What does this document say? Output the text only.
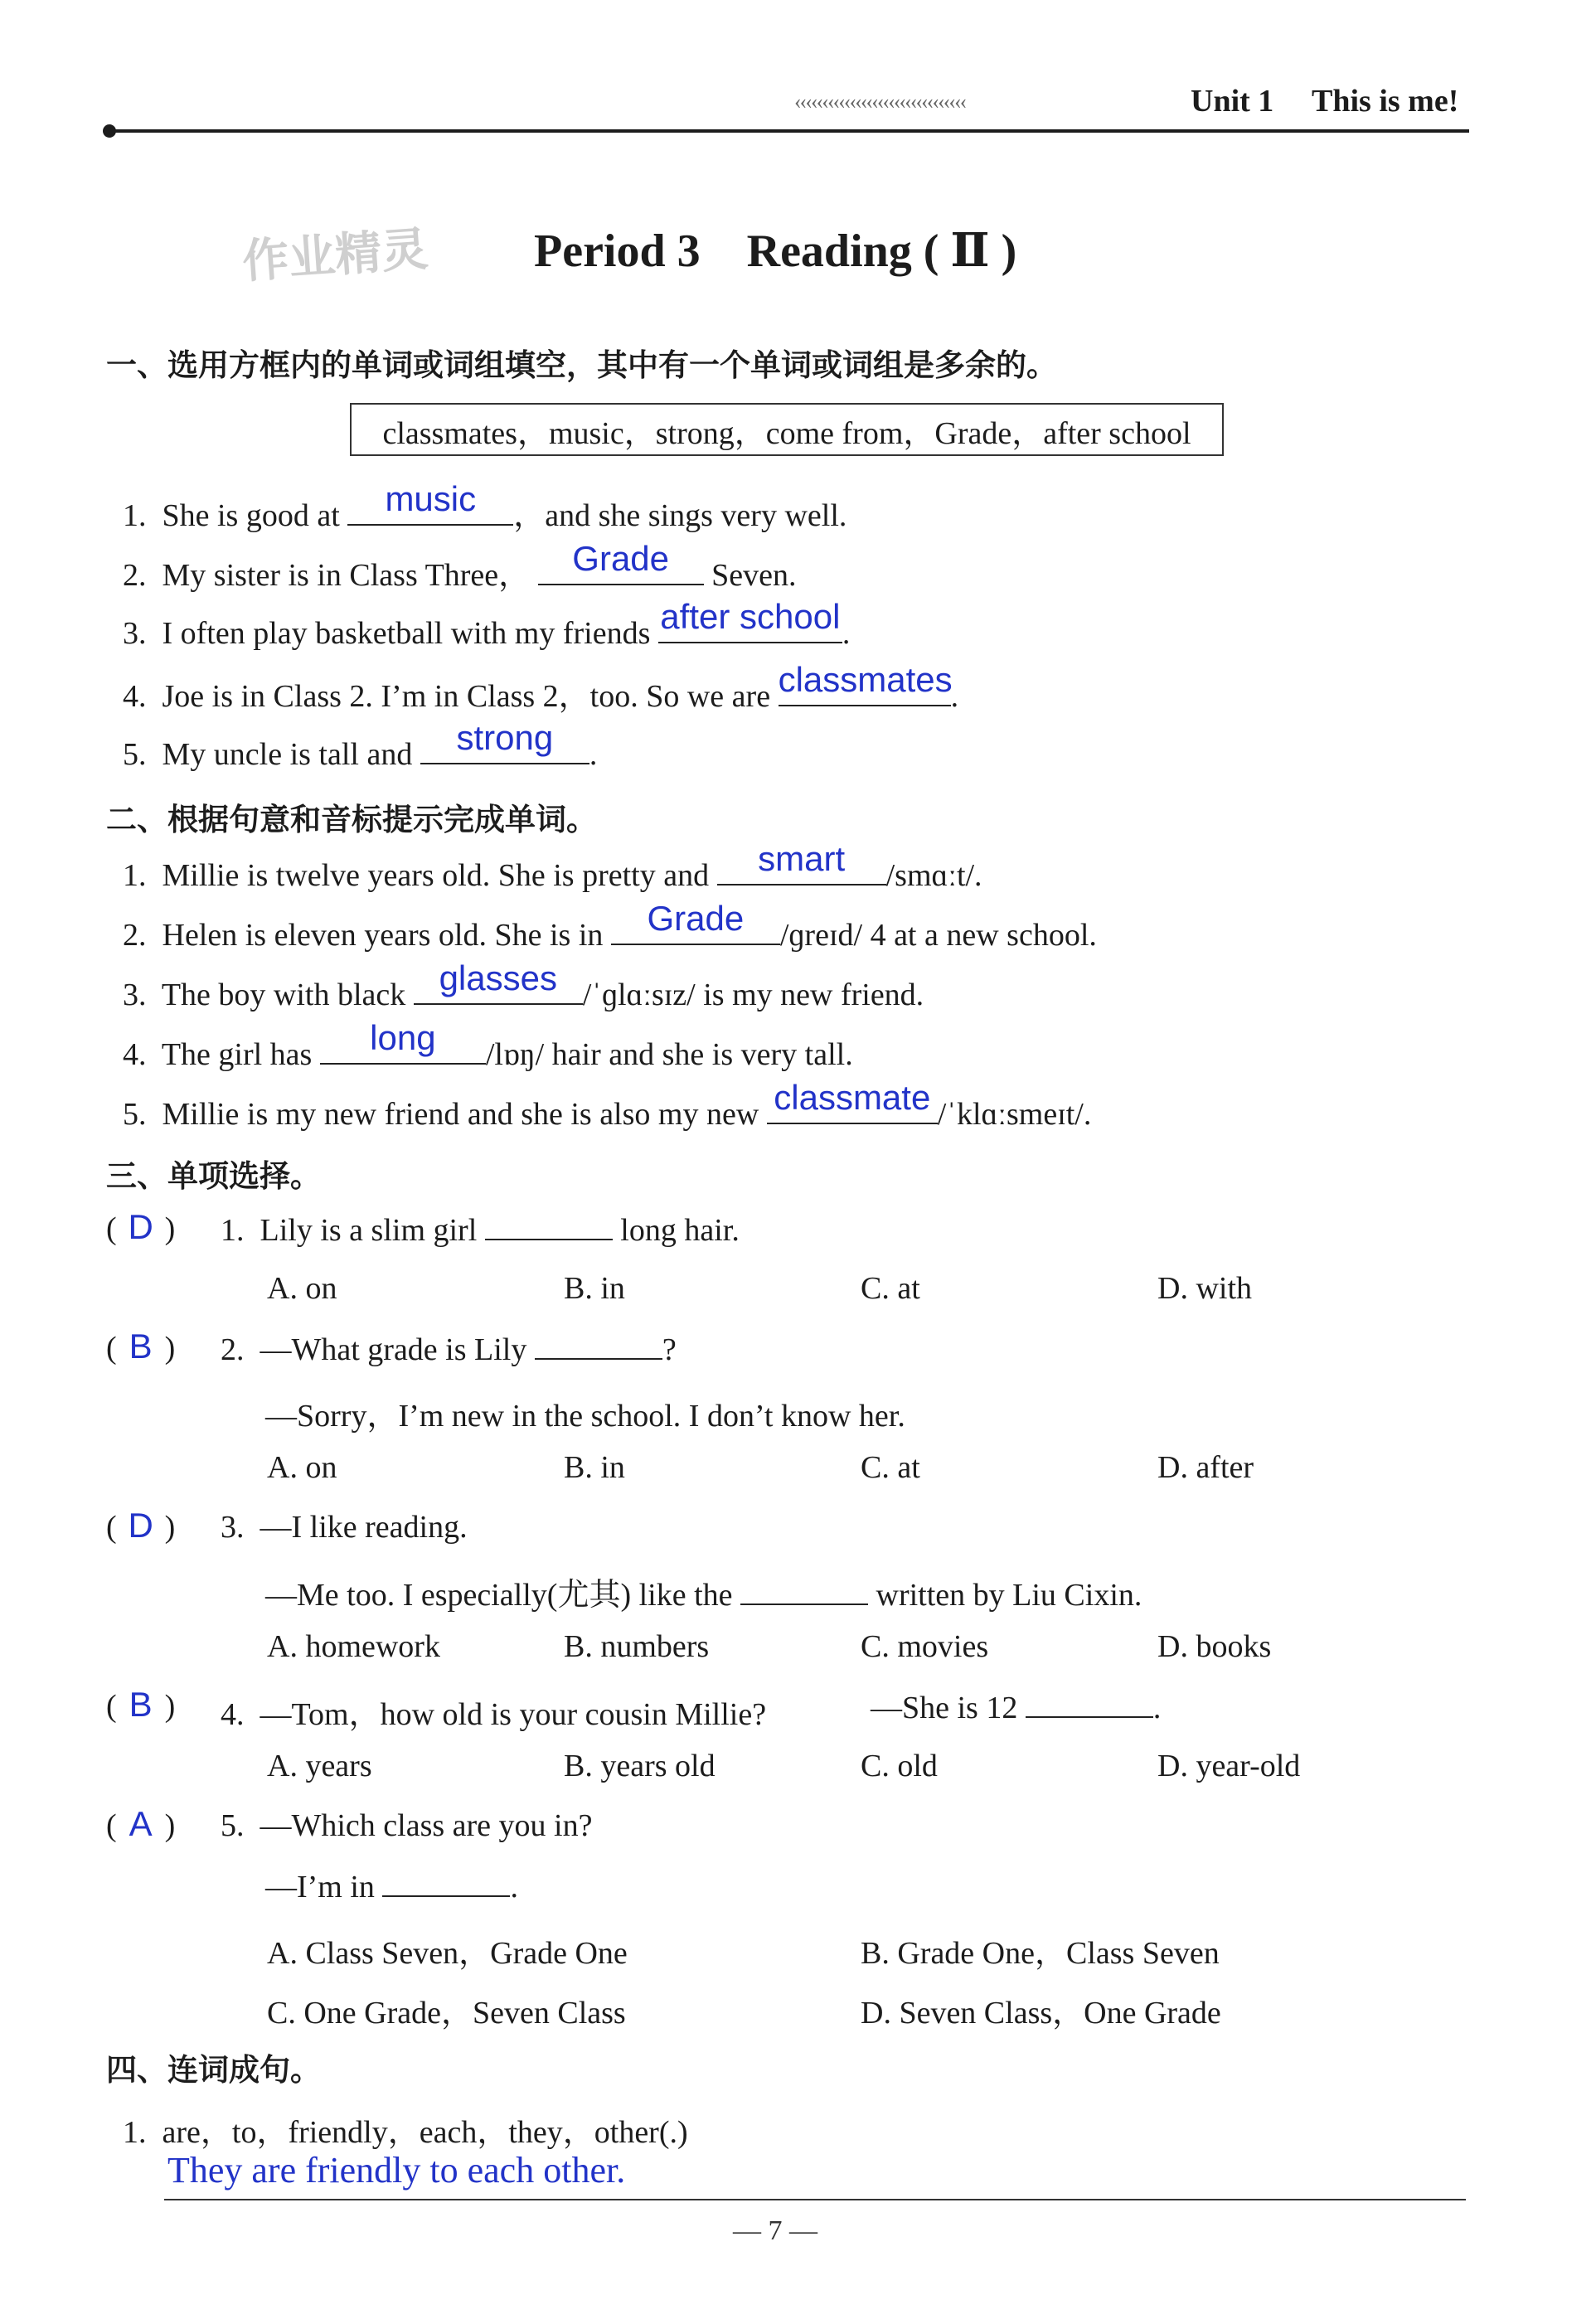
‹‹‹‹‹‹‹‹‹‹‹‹‹‹‹‹‹‹‹‹‹‹‹‹‹‹‹‹‹‹‹	Unit 1 This is me!
作业精灵 Period 3　Reading ( Ⅱ )
一、选用方框内的单词或词组填空，其中有一个单词或词组是多余的。
classmates，music，strong，come from，Grade，after school
1. She is good at	music	，and she sings very well.
2. My sister is in Class Three，	Grade	Seven.
3. I often play basketball with my friends after school .
4. Joe is in Class 2. I’m in Class 2，too. So we are classmates
.
5. My uncle is tall and	strong	.
二、根据句意和音标提示完成单词。
1. Millie is twelve years old. She is pretty and	smart	/smɑːt/.
2. Helen is eleven years old. She is in	Grade	/ɡreɪd/ 4 at a new school.
3. The boy with black glasses /ˈɡlɑːsɪz/ is my new friend.
4. The girl has	long	/lɒŋ/ hair and she is very tall.
5. Millie is my new friend and she is also my new classmate /ˈklɑːsmeɪt/.
三、单项选择。
( D ) 1. Lily is a slim girl	long hair.
A. on	B. in	C. at	D. with
( B ) 2. —What grade is Lily	?
—Sorry，I’m new in the school. I don’t know her.
A. on	B. in	C. at	D. after
( D ) 3. —I like reading.
—Me too. I especially(尤其) like the	written by Liu Cixin.
A. homework	B. numbers	C. movies	D. books
( B ) 4. —Tom，how old is your cousin Millie?	—She is 12	.
A. years	B. years old	C. old	D. year-old
( A ) 5. —Which class are you in?
—I’m in	.
A. Class Seven，Grade One	B. Grade One，Class Seven
C. One Grade，Seven Class	D. Seven Class，One Grade
四、连词成句。
1. are，to，friendly，each，they，other(.)
They are friendly to each other.
— 7 —
